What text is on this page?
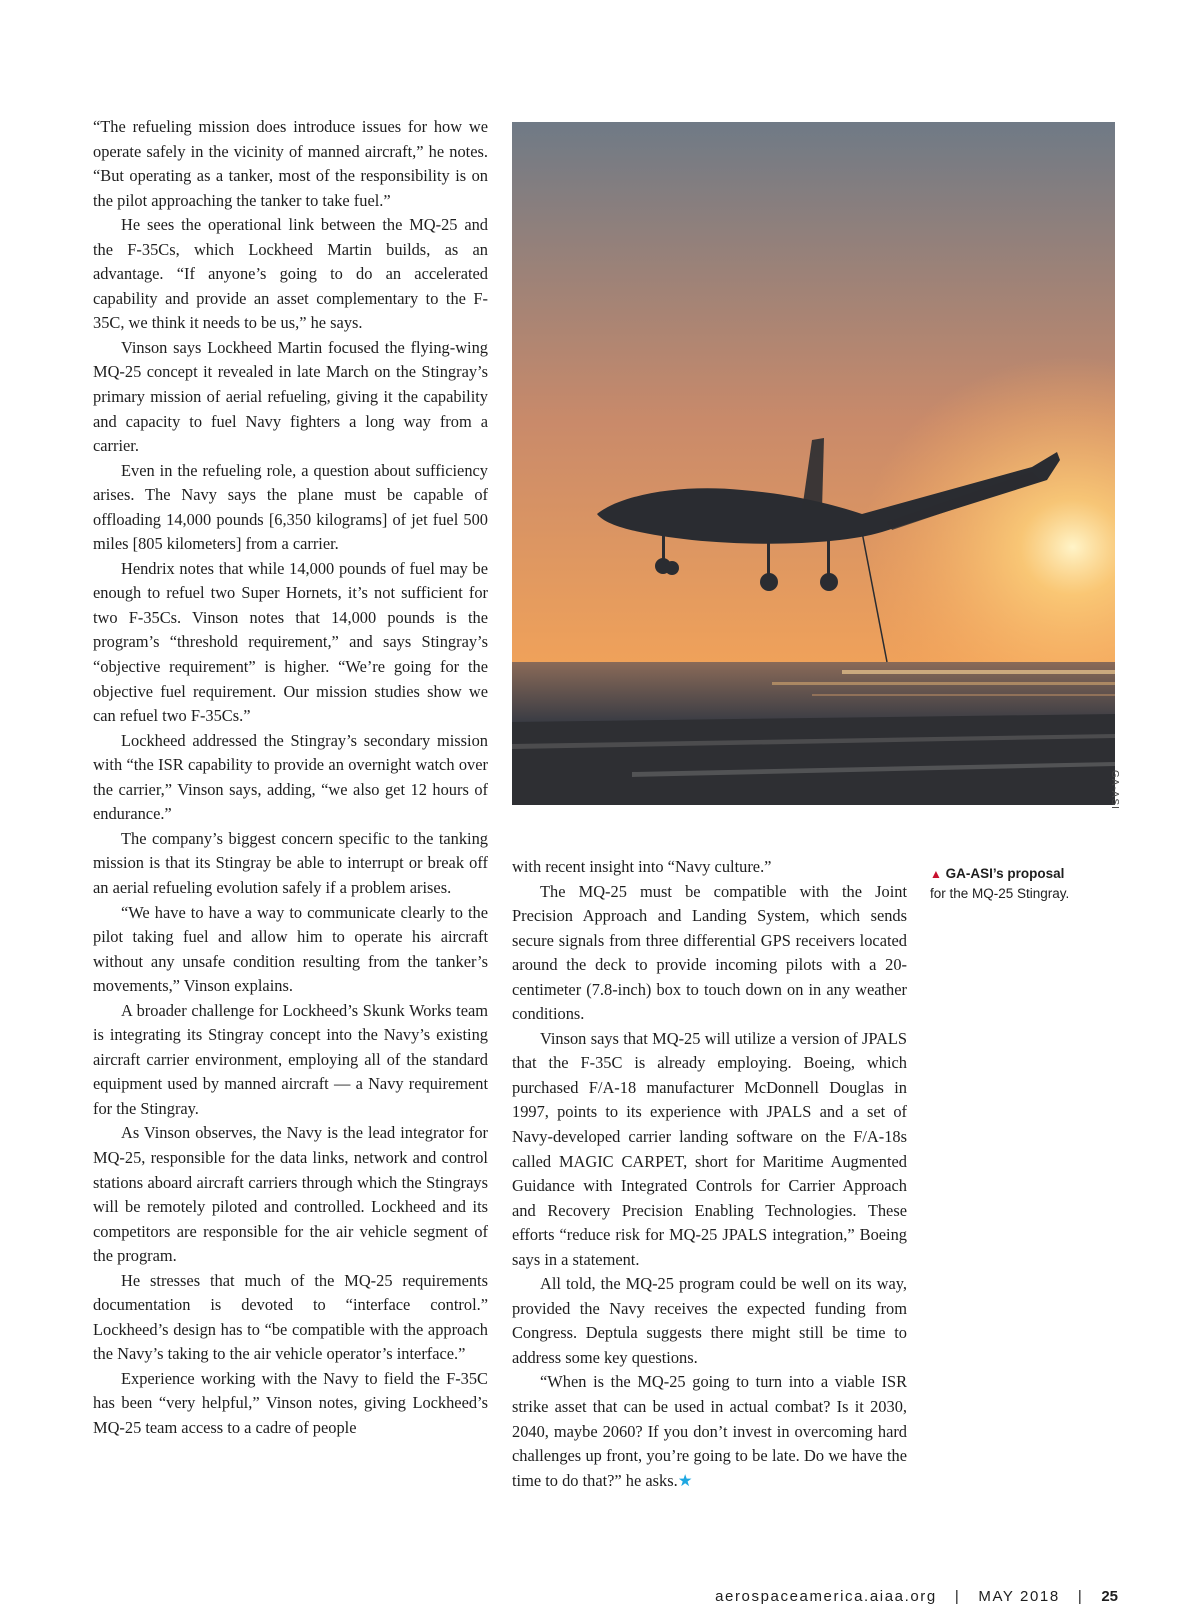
“The refueling mission does introduce issues for how we operate safely in the vicinity of manned aircraft,” he notes. “But operating as a tanker, most of the responsibility is on the pilot approaching the tanker to take fuel.”

He sees the operational link between the MQ-25 and the F-35Cs, which Lockheed Martin builds, as an advantage. “If anyone’s going to do an accelerated capability and provide an asset complementary to the F-35C, we think it needs to be us,” he says.

Vinson says Lockheed Martin focused the flying-wing MQ-25 concept it revealed in late March on the Stingray’s primary mission of aerial refueling, giving it the capability and capacity to fuel Navy fighters a long way from a carrier.

Even in the refueling role, a question about sufficiency arises. The Navy says the plane must be capable of offloading 14,000 pounds [6,350 kilograms] of jet fuel 500 miles [805 kilometers] from a carrier.

Hendrix notes that while 14,000 pounds of fuel may be enough to refuel two Super Hornets, it’s not sufficient for two F-35Cs. Vinson notes that 14,000 pounds is the program’s “threshold requirement,” and says Stingray’s “objective requirement” is higher. “We’re going for the objective fuel requirement. Our mission studies show we can refuel two F-35Cs.”

Lockheed addressed the Stingray’s secondary mission with “the ISR capability to provide an overnight watch over the carrier,” Vinson says, adding, “we also get 12 hours of endurance.”

The company’s biggest concern specific to the tanking mission is that its Stingray be able to interrupt or break off an aerial refueling evolution safely if a problem arises.

“We have to have a way to communicate clearly to the pilot taking fuel and allow him to operate his aircraft without any unsafe condition resulting from the tanker’s movements,” Vinson explains.

A broader challenge for Lockheed’s Skunk Works team is integrating its Stingray concept into the Navy’s existing aircraft carrier environment, employing all of the standard equipment used by manned aircraft — a Navy requirement for the Stingray.

As Vinson observes, the Navy is the lead integrator for MQ-25, responsible for the data links, network and control stations aboard aircraft carriers through which the Stingrays will be remotely piloted and controlled. Lockheed and its competitors are responsible for the air vehicle segment of the program.

He stresses that much of the MQ-25 requirements documentation is devoted to “interface control.” Lockheed’s design has to “be compatible with the approach the Navy’s taking to the air vehicle operator’s interface.”

Experience working with the Navy to field the F-35C has been “very helpful,” Vinson notes, giving Lockheed’s MQ-25 team access to a cadre of people

GA-ASI

with recent insight into “Navy culture.”

The MQ-25 must be compatible with the Joint Precision Approach and Landing System, which sends secure signals from three differential GPS receivers located around the deck to provide incoming pilots with a 20-centimeter (7.8-inch) box to touch down on in any weather conditions.

Vinson says that MQ-25 will utilize a version of JPALS that the F-35C is already employing. Boeing, which purchased F/A-18 manufacturer McDonnell Douglas in 1997, points to its experience with JPALS and a set of Navy-developed carrier landing software on the F/A-18s called MAGIC CARPET, short for Maritime Augmented Guidance with Integrated Controls for Carrier Approach and Recovery Precision Enabling Technologies. These efforts “reduce risk for MQ-25 JPALS integration,” Boeing says in a statement.

All told, the MQ-25 program could be well on its way, provided the Navy receives the expected funding from Congress. Deptula suggests there might still be time to address some key questions.

“When is the MQ-25 going to turn into a viable ISR strike asset that can be used in actual combat? Is it 2030, 2040, maybe 2060? If you don’t invest in overcoming hard challenges up front, you’re going to be late. Do we have the time to do that?” he asks.★

▲ GA-ASI’s proposal
for the MQ-25 Stingray.
aerospaceamerica.aiaa.org | MAY 2018 | 25
